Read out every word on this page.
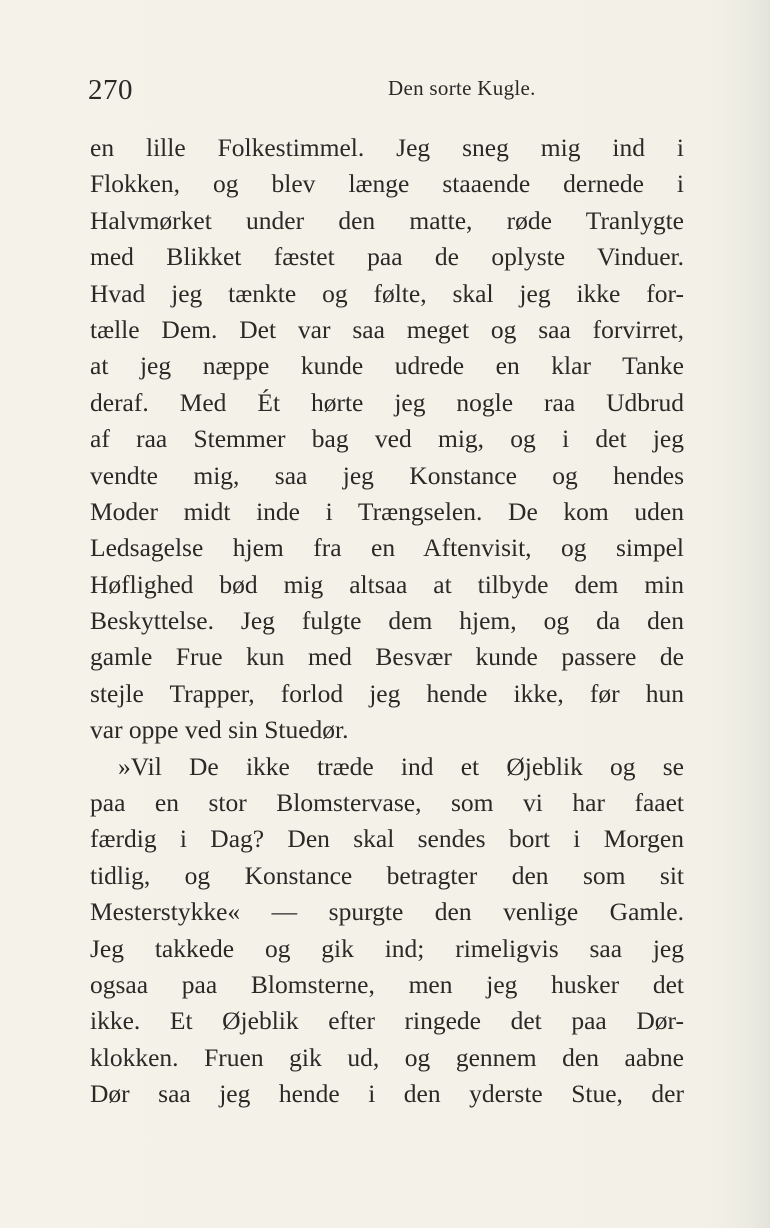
270	Den sorte Kugle.
en lille Folkestimmel. Jeg sneg mig ind i
Flokken, og blev længe staaende dernede i
Halvmørket under den matte, røde Tranlygte
med Blikket fæstet paa de oplyste Vinduer.
Hvad jeg tænkte og følte, skal jeg ikke for-
tælle Dem. Det var saa meget og saa forvirret,
at jeg næppe kunde udrede en klar Tanke
deraf. Med Ét hørte jeg nogle raa Udbrud
af raa Stemmer bag ved mig, og i det jeg
vendte mig, saa jeg Konstance og hendes
Moder midt inde i Trængselen. De kom uden
Ledsagelse hjem fra en Aftenvisit, og simpel
Høflighed bød mig altsaa at tilbyde dem min
Beskyttelse. Jeg fulgte dem hjem, og da den
gamle Frue kun med Besvær kunde passere de
stejle Trapper, forlod jeg hende ikke, før hun
var oppe ved sin Stuedør.
»Vil De ikke træde ind et Øjeblik og se
paa en stor Blomstervase, som vi har faaet
færdig i Dag? Den skal sendes bort i Morgen
tidlig, og Konstance betragter den som sit
Mesterstykke« — spurgte den venlige Gamle.
Jeg takkede og gik ind; rimeligvis saa jeg
ogsaa paa Blomsterne, men jeg husker det
ikke. Et Øjeblik efter ringede det paa Dør-
klokken. Fruen gik ud, og gennem den aabne
Dør saa jeg hende i den yderste Stue, der
